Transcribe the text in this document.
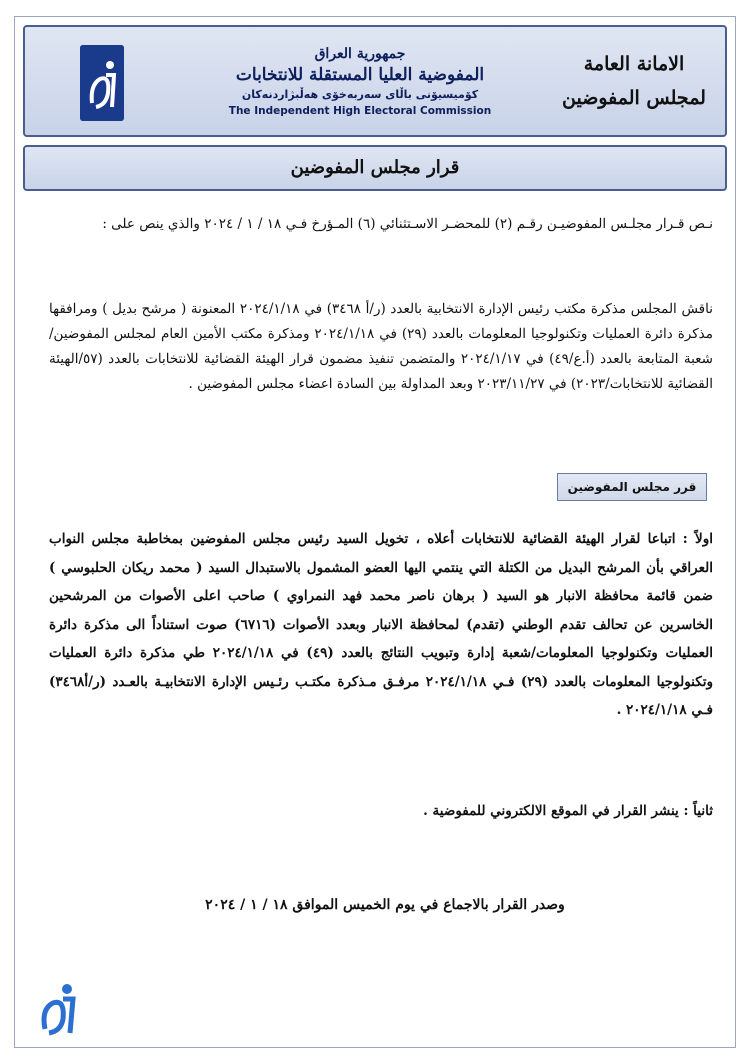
الامانة العامة
لمجلس المفوضين
جمهورية العراق
المفوضية العليا المستقلة للانتخابات
كۆمیسیۆنی باڵای سەربەخۆی هەڵبژاردنەکان
The Independent High Electoral Commission
قرار مجلس المفوضين
نـص قـرار مجلـس المفوضيـن رقـم (٢) للمحضـر الاسـتثنائي (٦) المـؤرخ فـي ١٨ / ١ / ٢٠٢٤ والذي ينص على :
ناقش المجلس مذكرة مكتب رئيس الإدارة الانتخابية بالعدد (ر/أ ٣٤٦٨) في ٢٠٢٤/١/١٨ المعنونة ( مرشح بديل ) ومرافقها مذكرة دائرة العمليات وتكنولوجيا المعلومات بالعدد (٢٩) في ٢٠٢٤/١/١٨ ومذكرة مكتب الأمين العام لمجلس المفوضين/شعبة المتابعة بالعدد (أ.ع/٤٩) في ٢٠٢٤/١/١٧ والمتضمن تنفيذ مضمون قرار الهيئة القضائية للانتخابات بالعدد (٥٧/الهيئة القضائية للانتخابات/٢٠٢٣) في ٢٠٢٣/١١/٢٧ وبعد المداولة بين السادة اعضاء مجلس المفوضين .
قرر مجلس المفوضين
اولاً : اتباعا لقرار الهيئة القضائية للانتخابات أعلاه ، تخويل السيد رئيس مجلس المفوضين بمخاطبة مجلس النواب العراقي بأن المرشح البديل من الكتلة التي ينتمي اليها العضو المشمول بالاستبدال السيد ( محمد ريكان الحلبوسي ) ضمن قائمة محافظة الانبار هو السيد ( برهان ناصر محمد فهد النمراوي ) صاحب اعلى الأصوات من المرشحين الخاسرين عن تحالف تقدم الوطني (تقدم) لمحافظة الانبار وبعدد الأصوات (٦٧١٦) صوت استناداً الى مذكرة دائرة العمليات وتكنولوجيا المعلومات/شعبة إدارة وتبويب النتائج بالعدد (٤٩) في ٢٠٢٤/١/١٨ طي مذكرة دائرة العمليات وتكنولوجيا المعلومات بالعدد (٢٩) فـي ٢٠٢٤/١/١٨ مرفـق مـذكرة مكتـب رئـيس الإدارة الانتخابيـة بالعـدد (ر/أ٣٤٦٨) فـي ٢٠٢٤/١/١٨ .
ثانياً : ينشر القرار في الموقع الالكتروني للمفوضية .
وصدر القرار بالاجماع في يوم الخميس الموافق ١٨ / ١ / ٢٠٢٤
